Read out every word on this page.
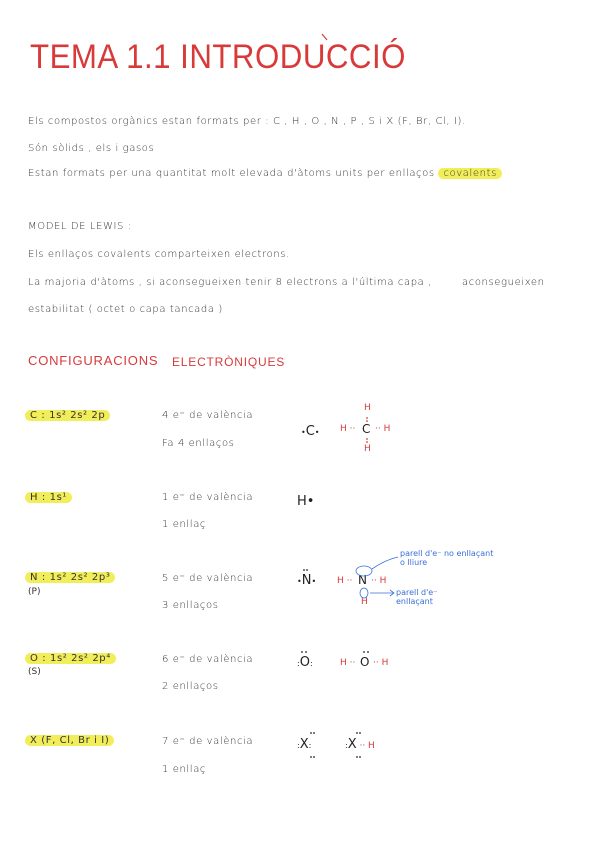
TEMA 1.1 INTRODUCCIÓ
Els compostos orgànics estan formats per : C , H , O , N , P , S i X (F, Br, Cl, I).
Són sòlids , els i gasos
Estan formats per una quantitat molt elevada d'àtoms units per enllaços covalents
MODEL DE LEWIS :
Els enllaços covalents comparteixen electrons.
La majoria d'àtoms , si aconsegueixen tenir 8 electrons a l'última capa ,	aconsegueixen
estabilitat ( octet o capa tancada )
CONFIGURACIONS ELECTRÒNIQUES
C : 1s² 2s² 2p	4 e⁻ de valència
Fa 4 enllaços
•C•
H
H ·· C ·· H
H
H : 1s¹	1 e⁻ de valència
1 enllaç
H•
N : 1s² 2s² 2p³
(P)
5 e⁻ de valència
3 enllaços
•N• H ·· N ·· H
H
parell d'e⁻ no enllaçant o lliure
parell d'e⁻ enllaçant
O : 1s² 2s² 2p⁴
(S)
6 e⁻ de valència
2 enllaços
:O:	H ·· O ·· H
X (F, Cl, Br i I)	7 e⁻ de valència
1 enllaç
:X:	:X ·· H
